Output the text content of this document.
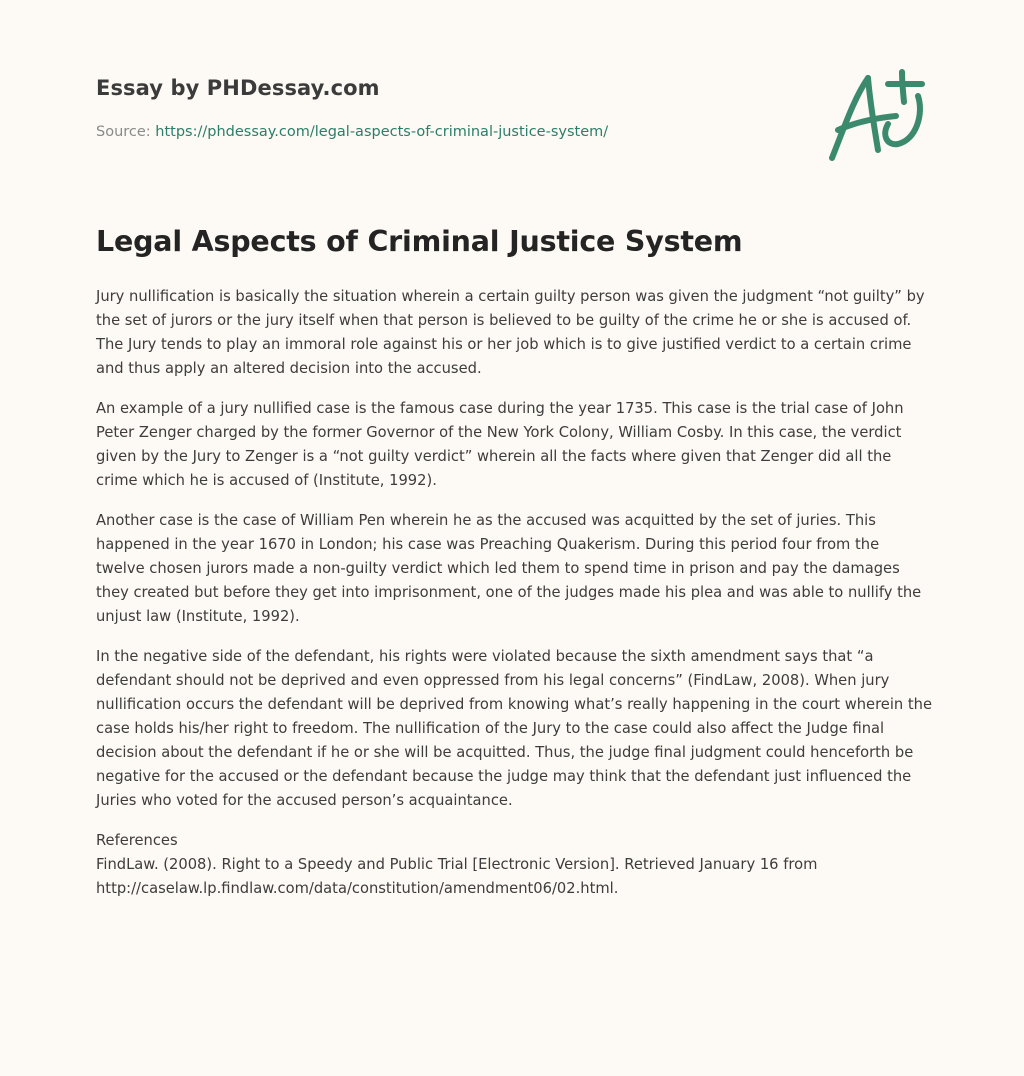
Essay by PHDessay.com
Source: https://phdessay.com/legal-aspects-of-criminal-justice-system/
Legal Aspects of Criminal Justice System

Jury nullification is basically the situation wherein a certain guilty person was given the judgment “not guilty” by the set of jurors or the jury itself when that person is believed to be guilty of the crime he or she is accused of. The Jury tends to play an immoral role against his or her job which is to give justified verdict to a certain crime and thus apply an altered decision into the accused.

An example of a jury nullified case is the famous case during the year 1735. This case is the trial case of John Peter Zenger charged by the former Governor of the New York Colony, William Cosby. In this case, the verdict given by the Jury to Zenger is a “not guilty verdict” wherein all the facts where given that Zenger did all the crime which he is accused of (Institute, 1992).

Another case is the case of William Pen wherein he as the accused was acquitted by the set of juries. This happened in the year 1670 in London; his case was Preaching Quakerism. During this period four from the twelve chosen jurors made a non-guilty verdict which led them to spend time in prison and pay the damages they created but before they get into imprisonment, one of the judges made his plea and was able to nullify the unjust law (Institute, 1992).

In the negative side of the defendant, his rights were violated because the sixth amendment says that “a defendant should not be deprived and even oppressed from his legal concerns” (FindLaw, 2008). When jury nullification occurs the defendant will be deprived from knowing what’s really happening in the court wherein the case holds his/her right to freedom. The nullification of the Jury to the case could also affect the Judge final decision about the defendant if he or she will be acquitted. Thus, the judge final judgment could henceforth be negative for the accused or the defendant because the judge may think that the defendant just influenced the Juries who voted for the accused person’s acquaintance.

References
FindLaw. (2008). Right to a Speedy and Public Trial [Electronic Version]. Retrieved January 16 from http://caselaw.lp.findlaw.com/data/constitution/amendment06/02.html.
